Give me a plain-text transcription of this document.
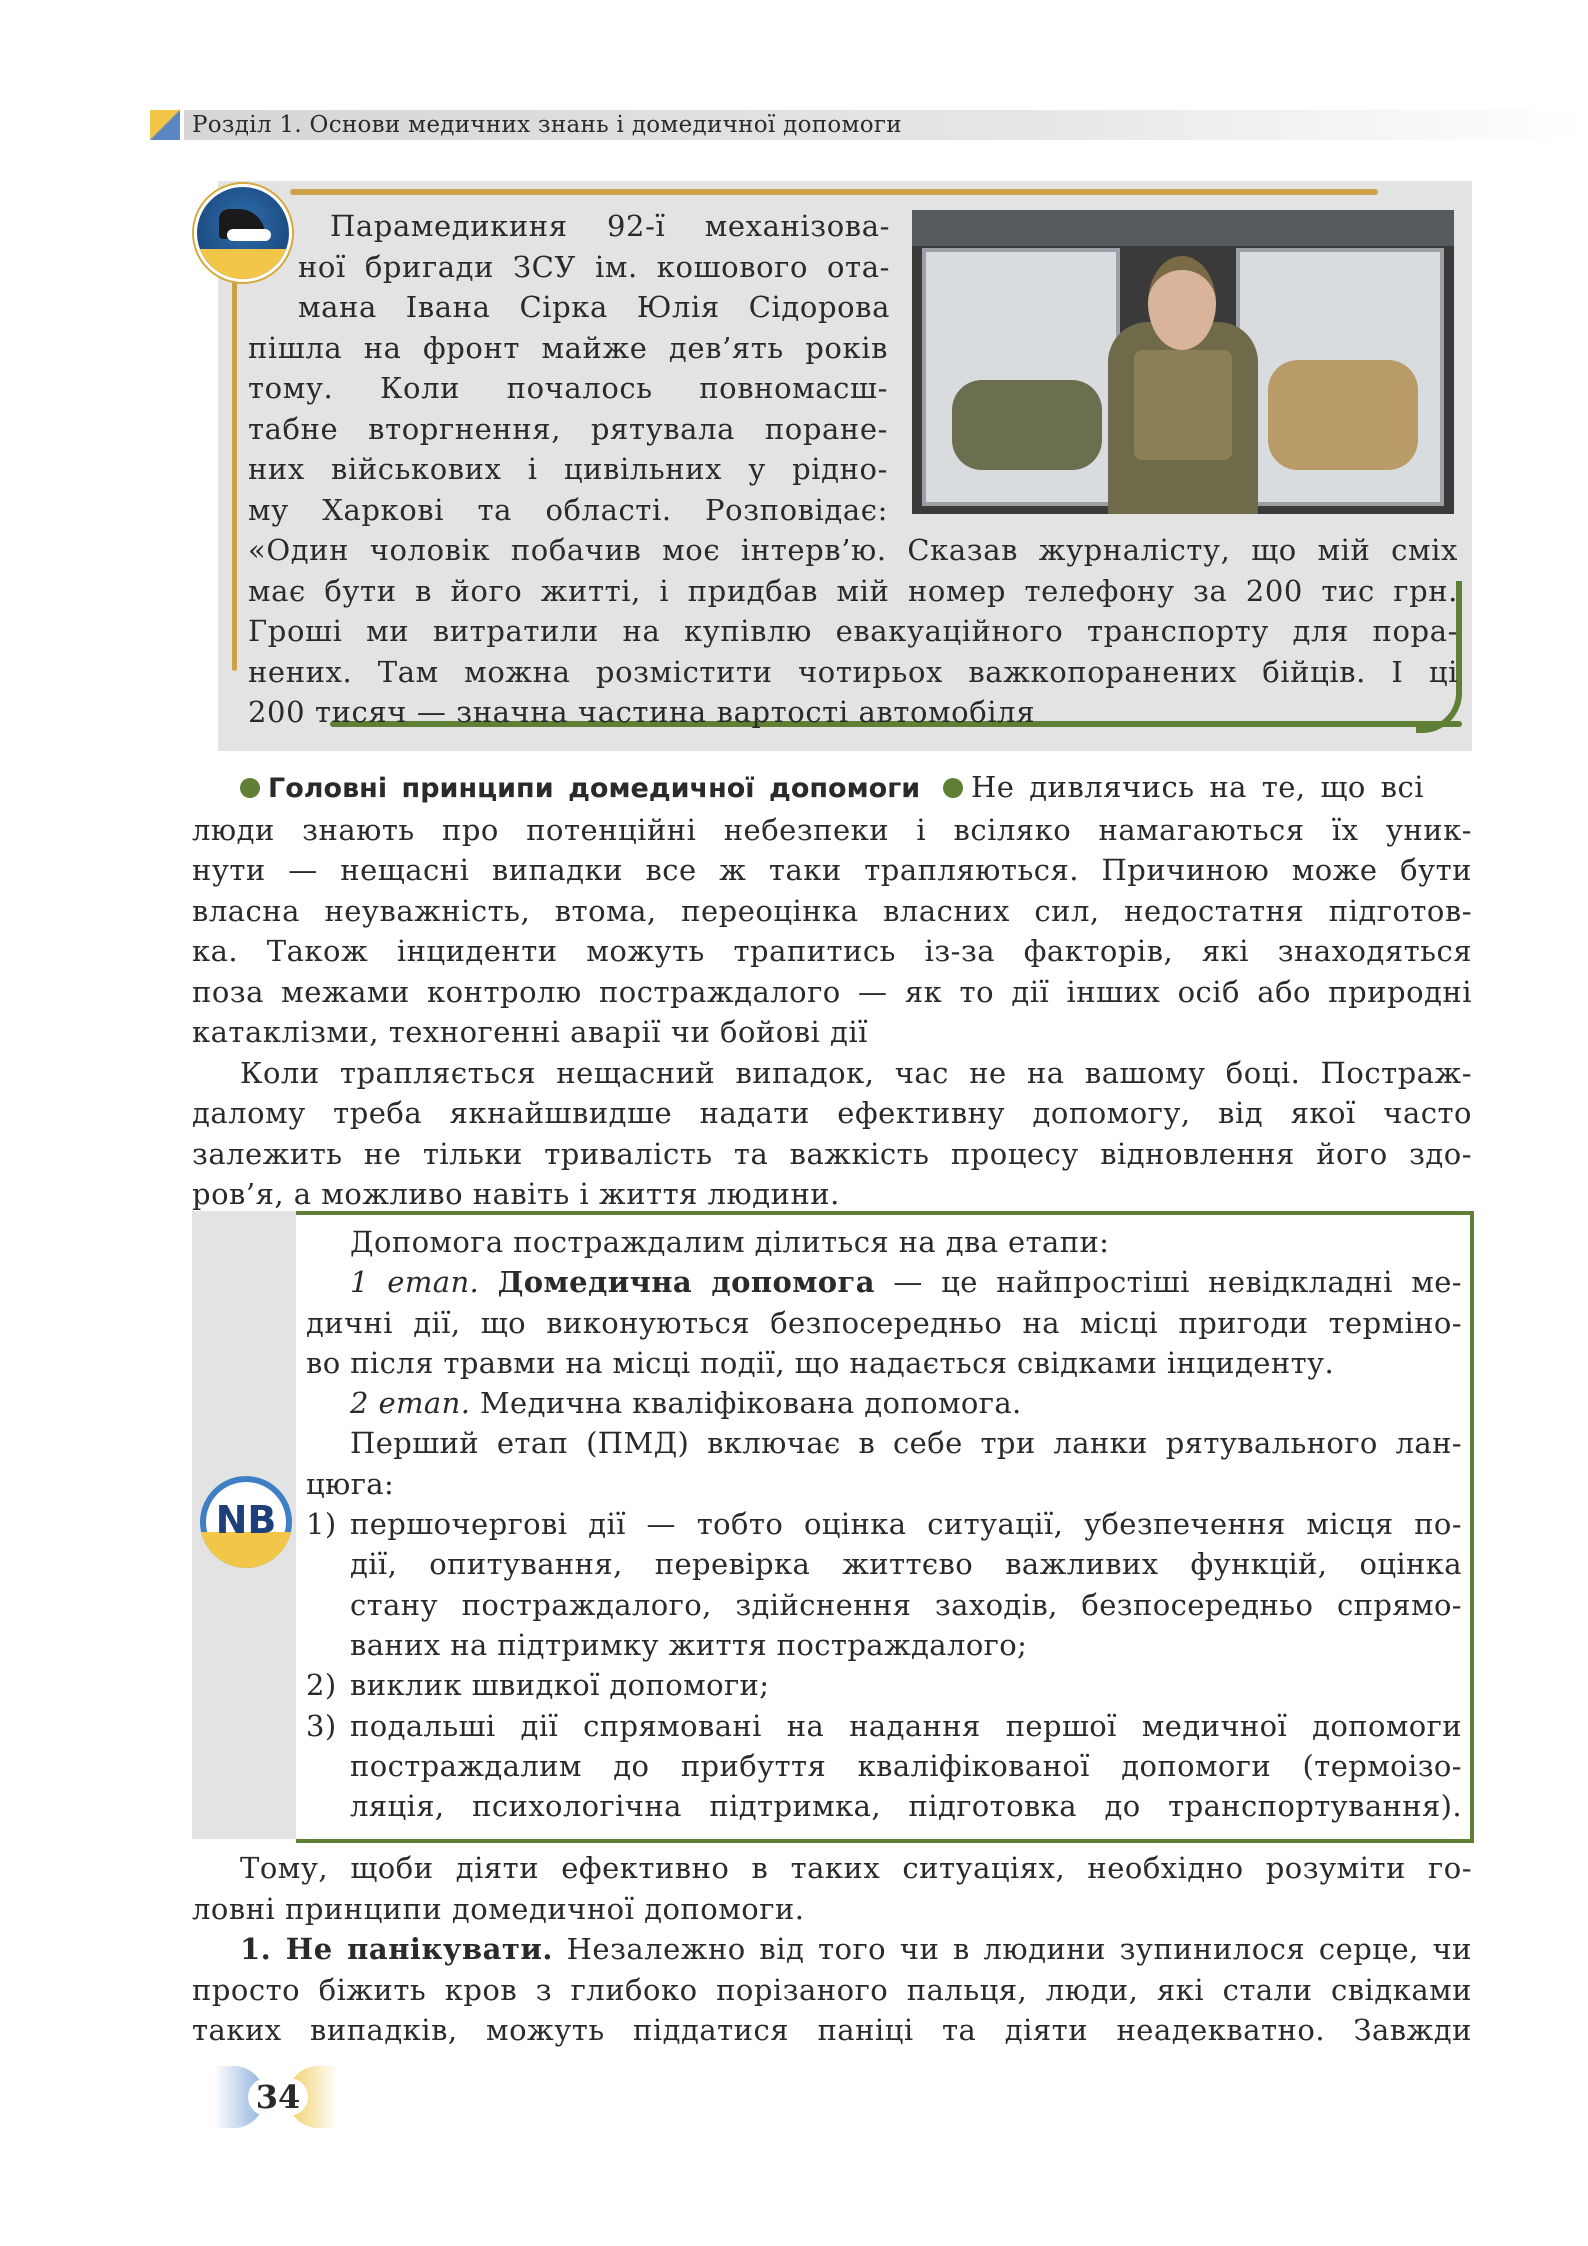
Розділ 1. Основи медичних знань і домедичної допомоги
Парамедикиня 92-ї механізова-
ної бригади ЗСУ ім. кошового ота-
мана Івана Сірка Юлія Сідорова
пішла на фронт майже дев’ять років
тому. Коли почалось повномасш-
табне вторгнення, рятувала поране-
них військових і цивільних у рідно-
му Харкові та області. Розповідає:
«Один чоловік побачив моє інтерв’ю. Сказав журналісту, що мій сміх
має бути в його житті, і придбав мій номер телефону за 200 тис грн.
Гроші ми витратили на купівлю евакуаційного транспорту для пора-
нених. Там можна розмістити чотирьох важкопоранених бійців. І ці
200 тисяч — значна частина вартості автомобіля
Головні принципи домедичної допомоги Не дивлячись на те, що всі
люди знають про потенційні небезпеки і всіляко намагаються їх уник-
нути — нещасні випадки все ж таки трапляються. Причиною може бути
власна неуважність, втома, переоцінка власних сил, недостатня підготов-
ка. Також інциденти можуть трапитись із-за факторів, які знаходяться
поза межами контролю постраждалого — як то дії інших осіб або природні
катаклізми, техногенні аварії чи бойові дії
Коли трапляється нещасний випадок, час не на вашому боці. Постраж-
далому треба якнайшвидше надати ефективну допомогу, від якої часто
залежить не тільки тривалість та важкість процесу відновлення його здо-
ров’я, а можливо навіть і життя людини.
NB
Допомога постраждалим ділиться на два етапи:
1 етап. Домедична допомога — це найпростіші невідкладні ме-
дичні дії, що виконуються безпосередньо на місці пригоди терміно-
во після травми на місці події, що надається свідками інциденту.
2 етап. Медична кваліфікована допомога.
Перший етап (ПМД) включає в себе три ланки рятувального лан-
цюга:
1) першочергові дії — тобто оцінка ситуації, убезпечення місця по-
дії, опитування, перевірка життєво важливих функцій, оцінка
стану постраждалого, здійснення заходів, безпосередньо спрямо-
ваних на підтримку життя постраждалого;
2) виклик швидкої допомоги;
3) подальші дії спрямовані на надання першої медичної допомоги
постраждалим до прибуття кваліфікованої допомоги (термоізо-
ляція, психологічна підтримка, підготовка до транспортування).
Тому, щоби діяти ефективно в таких ситуаціях, необхідно розуміти го-
ловні принципи домедичної допомоги.
1. Не панікувати. Незалежно від того чи в людини зупинилося серце, чи
просто біжить кров з глибоко порізаного пальця, люди, які стали свідками
таких випадків, можуть піддатися паніці та діяти неадекватно. Завжди
34
